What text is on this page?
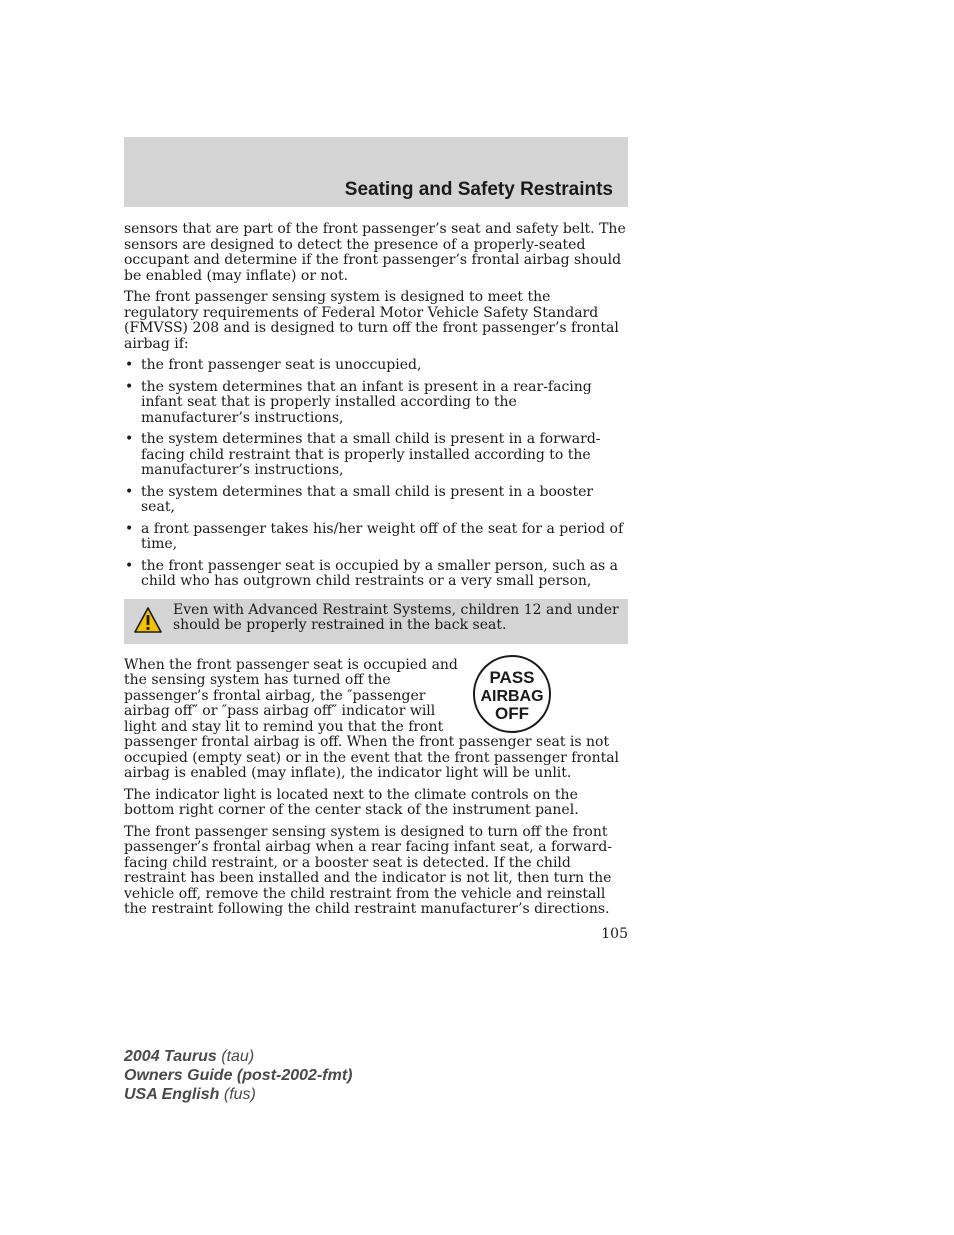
Seating and Safety Restraints

sensors that are part of the front passenger’s seat and safety belt. The sensors are designed to detect the presence of a properly-seated occupant and determine if the front passenger’s frontal airbag should be enabled (may inflate) or not.

The front passenger sensing system is designed to meet the regulatory requirements of Federal Motor Vehicle Safety Standard (FMVSS) 208 and is designed to turn off the front passenger’s frontal airbag if:

• the front passenger seat is unoccupied,
• the system determines that an infant is present in a rear-facing infant seat that is properly installed according to the manufacturer’s instructions,
• the system determines that a small child is present in a forward-facing child restraint that is properly installed according to the manufacturer’s instructions,
• the system determines that a small child is present in a booster seat,
• a front passenger takes his/her weight off of the seat for a period of time,
• the front passenger seat is occupied by a smaller person, such as a child who has outgrown child restraints or a very small person,
Even with Advanced Restraint Systems, children 12 and under should be properly restrained in the back seat.
PASS
AIRBAG
OFF

When the front passenger seat is occupied and the sensing system has turned off the passenger’s frontal airbag, the ″passenger airbag off″ or ″pass airbag off″ indicator will light and stay lit to remind you that the front passenger frontal airbag is off. When the front passenger seat is not occupied (empty seat) or in the event that the front passenger frontal airbag is enabled (may inflate), the indicator light will be unlit.

The indicator light is located next to the climate controls on the bottom right corner of the center stack of the instrument panel.

The front passenger sensing system is designed to turn off the front passenger’s frontal airbag when a rear facing infant seat, a forward-facing child restraint, or a booster seat is detected. If the child restraint has been installed and the indicator is not lit, then turn the vehicle off, remove the child restraint from the vehicle and reinstall the restraint following the child restraint manufacturer’s directions.

105
2004 Taurus (tau)
Owners Guide (post-2002-fmt)
USA English (fus)
